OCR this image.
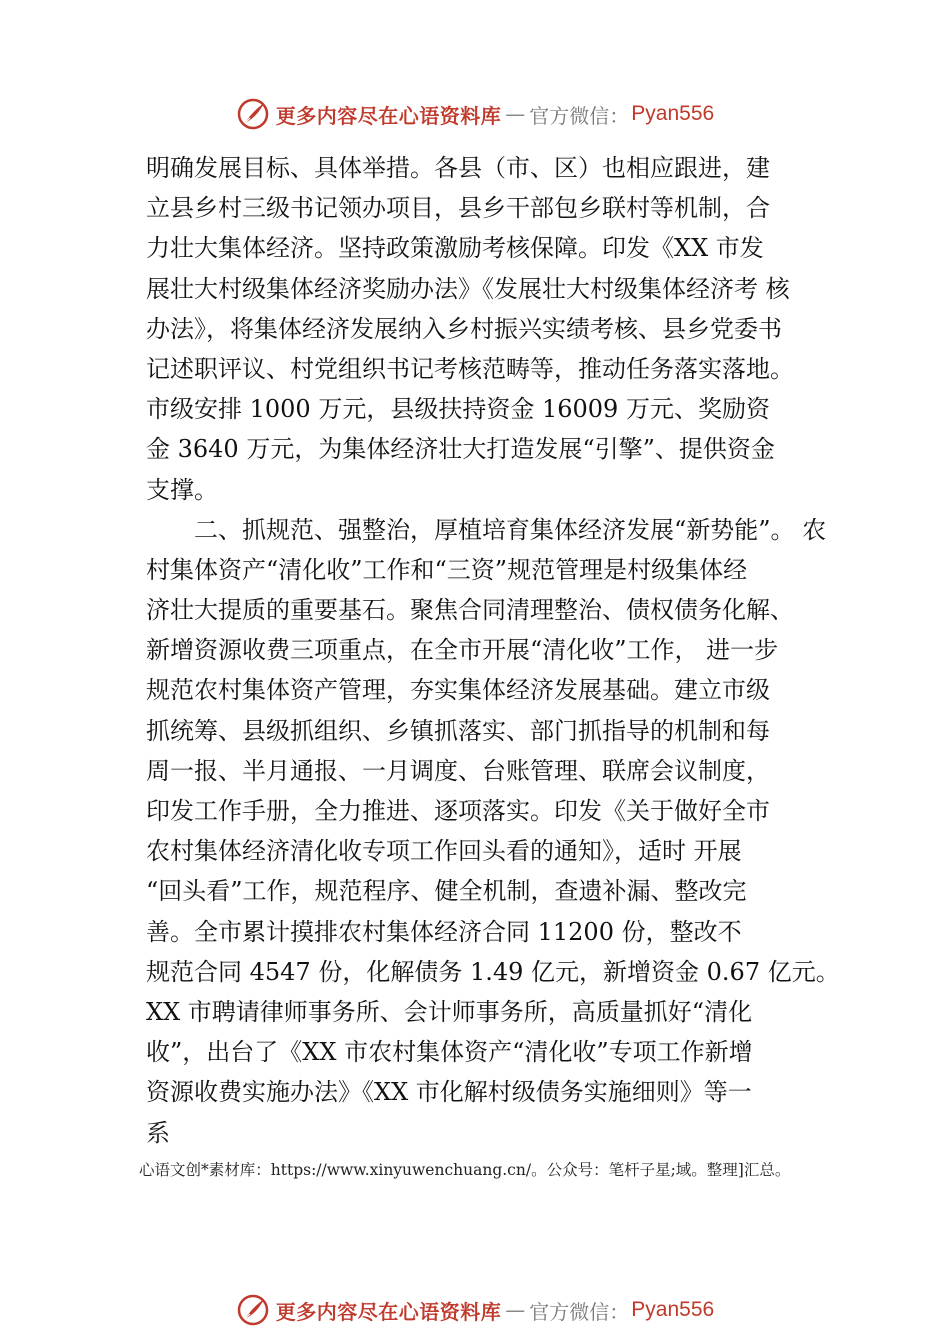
更多内容尽在心语资料库 — 官方微信： Pyan556
明确发展目标、具体举措。各县（市、区）也相应跟进，建
立县乡村三级书记领办项目，县乡干部包乡联村等机制，合
力壮大集体经济。坚持政策激励考核保障。印发《XX 市发
展壮大村级集体经济奖励办法》《发展壮大村级集体经济考 核
办法》，将集体经济发展纳入乡村振兴实绩考核、县乡党委书
记述职评议、村党组织书记考核范畴等，推动任务落实落地。
市级安排 1000 万元，县级扶持资金 16009 万元、奖励资
金 3640 万元，为集体经济壮大打造发展“引擎”、提供资金
支撑。
　　二、抓规范、强整治，厚植培育集体经济发展“新势能”。 农
村集体资产“清化收”工作和“三资”规范管理是村级集体经
济壮大提质的重要基石。聚焦合同清理整治、债权债务化解、
新增资源收费三项重点，在全市开展“清化收”工作， 进一步
规范农村集体资产管理，夯实集体经济发展基础。建立市级
抓统筹、县级抓组织、乡镇抓落实、部门抓指导的机制和每
周一报、半月通报、一月调度、台账管理、联席会议制度，
印发工作手册，全力推进、逐项落实。印发《关于做好全市
农村集体经济清化收专项工作回头看的通知》，适时 开展
“回头看”工作，规范程序、健全机制，查遗补漏、整改完
善。全市累计摸排农村集体经济合同 11200 份，整改不
规范合同 4547 份，化解债务 1.49 亿元，新增资金 0.67 亿元。
XX 市聘请律师事务所、会计师事务所，高质量抓好“清化
收”，出台了《XX 市农村集体资产“清化收”专项工作新增
资源收费实施办法》《XX 市化解村级债务实施细则》等一
系
心语文创*素材库：https://www.xinyuwenchuang.cn/。公众号：笔杆子星;域。整理]汇总。
更多内容尽在心语资料库 — 官方微信： Pyan556
